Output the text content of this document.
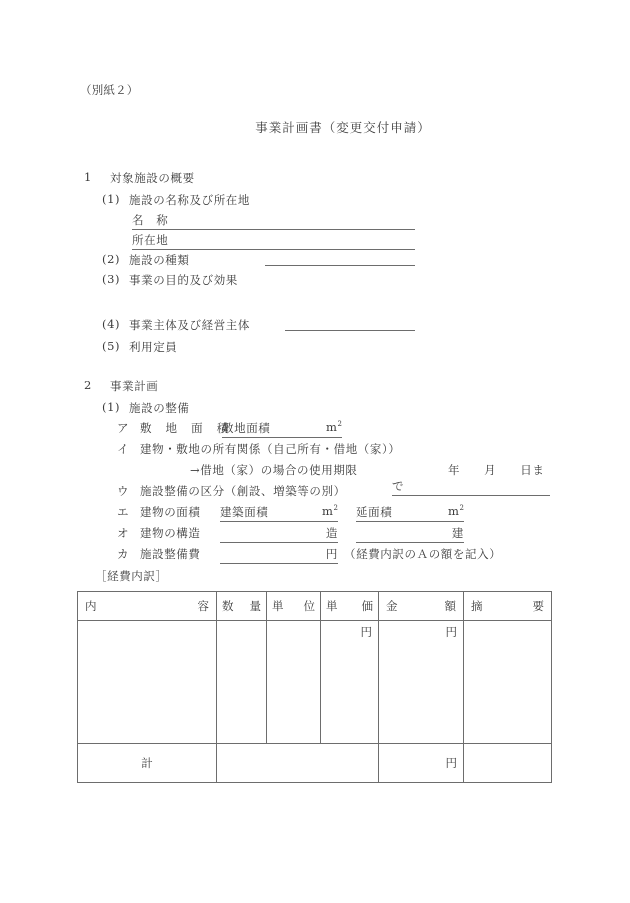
（別紙２）
事業計画書（変更交付申請）
1 対象施設の概要
(1) 施設の名称及び所在地
名　称
所在地
(2) 施設の種類
(3) 事業の目的及び効果
(4) 事業主体及び経営主体
(5) 利用定員
2 事業計画
(1) 施設の整備
ア 敷 地 面 積
敷地面積	$m^2$
イ 建物・敷地の所有関係（自己所有・借地（家））
→借地（家）の場合の使用期限	年 月 日まで
ウ 施設整備の区分（創設、増築等の別）
エ 建物の面積 建築面積	$m^2$ 延面積	$m^2$
オ 建物の構造	造	建
カ 施設整備費	円 （経費内訳のＡの額を記入）
［経費内訳］
内容	数量	単位	単価	金額	摘要

			円	円	

計				円	
